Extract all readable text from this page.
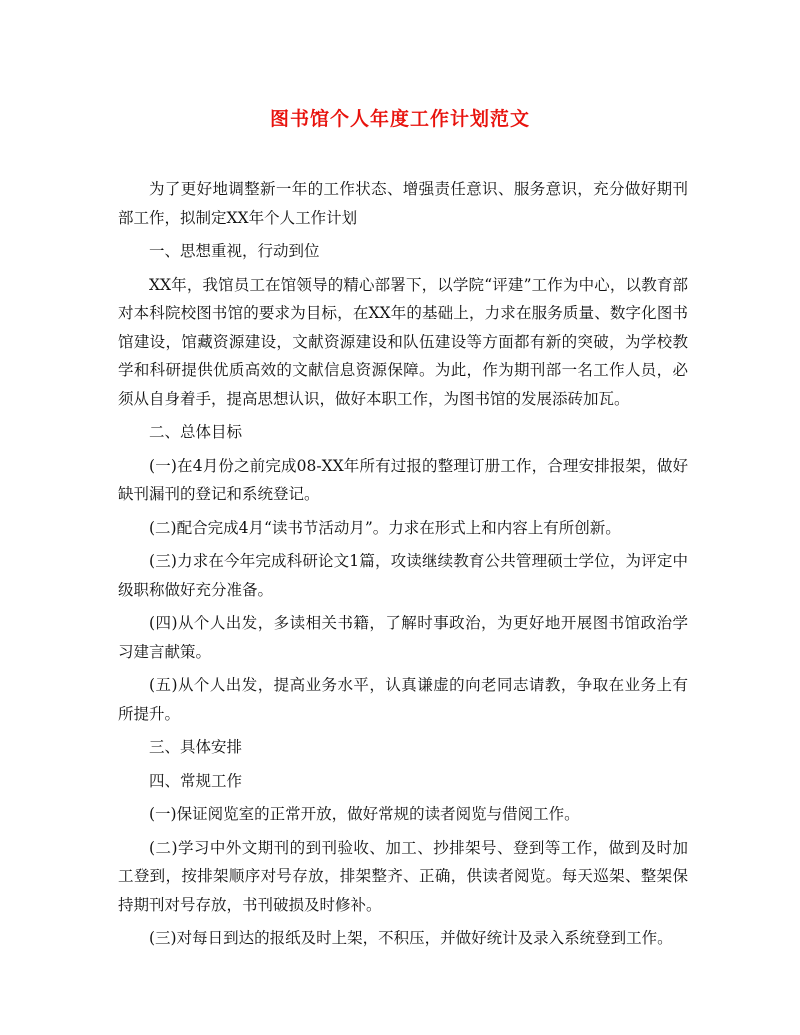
图书馆个人年度工作计划范文

为了更好地调整新一年的工作状态、增强责任意识、服务意识，充分做好期刊部工作，拟制定XX年个人工作计划

一、思想重视，行动到位

XX年，我馆员工在馆领导的精心部署下，以学院“评建”工作为中心，以教育部对本科院校图书馆的要求为目标，在XX年的基础上，力求在服务质量、数字化图书馆建设，馆藏资源建设，文献资源建设和队伍建设等方面都有新的突破，为学校教学和科研提供优质高效的文献信息资源保障。为此，作为期刊部一名工作人员，必须从自身着手，提高思想认识，做好本职工作，为图书馆的发展添砖加瓦。

二、总体目标

(一)在4月份之前完成08-XX年所有过报的整理订册工作，合理安排报架，做好缺刊漏刊的登记和系统登记。

(二)配合完成4月“读书节活动月”。力求在形式上和内容上有所创新。

(三)力求在今年完成科研论文1篇，攻读继续教育公共管理硕士学位，为评定中级职称做好充分准备。

(四)从个人出发，多读相关书籍，了解时事政治，为更好地开展图书馆政治学习建言献策。

(五)从个人出发，提高业务水平，认真谦虚的向老同志请教，争取在业务上有所提升。

三、具体安排

四、常规工作

(一)保证阅览室的正常开放，做好常规的读者阅览与借阅工作。

(二)学习中外文期刊的到刊验收、加工、抄排架号、登到等工作，做到及时加工登到，按排架顺序对号存放，排架整齐、正确，供读者阅览。每天巡架、整架保持期刊对号存放，书刊破损及时修补。

(三)对每日到达的报纸及时上架，不积压，并做好统计及录入系统登到工作。
